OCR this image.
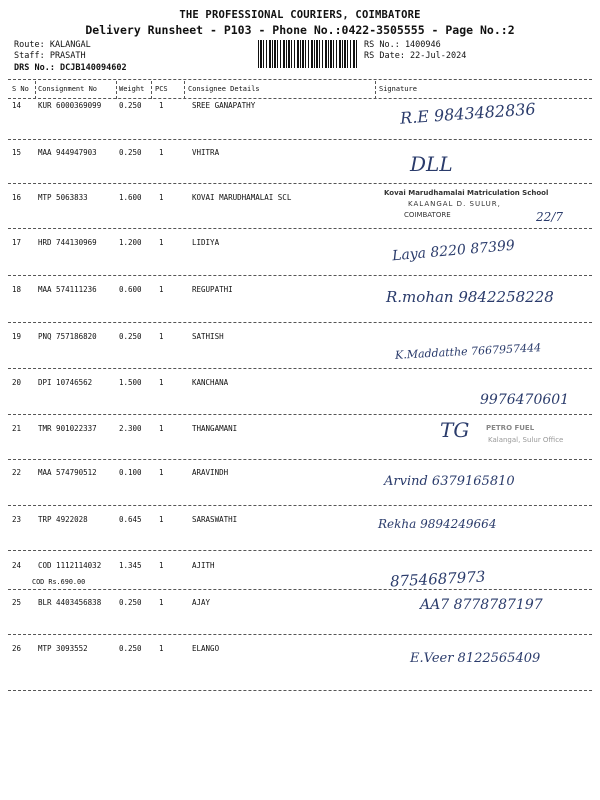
THE PROFESSIONAL COURIERS, COIMBATORE
Delivery Runsheet - P103 - Phone No.:0422-3505555 - Page No.:2
Route: KALANGAL
Staff: PRASATH
DRS No.: DCJB140094602
RS No.: 1400946
RS Date: 22-Jul-2024
S No Consignment No	Weight PCS	Consignee Details	Signature
14 KUR 6000369099 0.250 1	SREE GANAPATHY	R.E 9843482836
15 MAA 944947903	0.250 1	VHITRA	DLL
16 MTP 5063833	1.600 1	KOVAI MARUDHAMALAI SCL	Kovai Marudhamalai Matriculation School
KALANGAL D. SULUR,
COIMBATORE	22/7
17 HRD 744130969	1.200 1	LIDIYA	Laya 8220 87399
18 MAA 574111236	0.600 1	REGUPATHI	R.mohan 9842258228
19 PNQ 757186820	0.250 1	SATHISH
K.Maddatthe 7667957444
20 DPI 10746562	1.500 1	KANCHANA
9976470601
21 TMR 901022337	2.300 1	THANGAMANI	PETRO FUEL
Kalangal, Sulur Office
TG
22 MAA 574790512	0.100 1	ARAVINDH
Arvind 6379165810
23 TRP 4922028	0.645 1	SARASWATHI	Rekha 9894249664
24 COD 1112114032 1.345 1	AJITH
COD Rs.690.00	8754687973
25 BLR 4403456838 0.250 1	AJAY	AA7 8778787197
26 MTP 3093552	0.250 1	ELANGO
E.Veer 8122565409
